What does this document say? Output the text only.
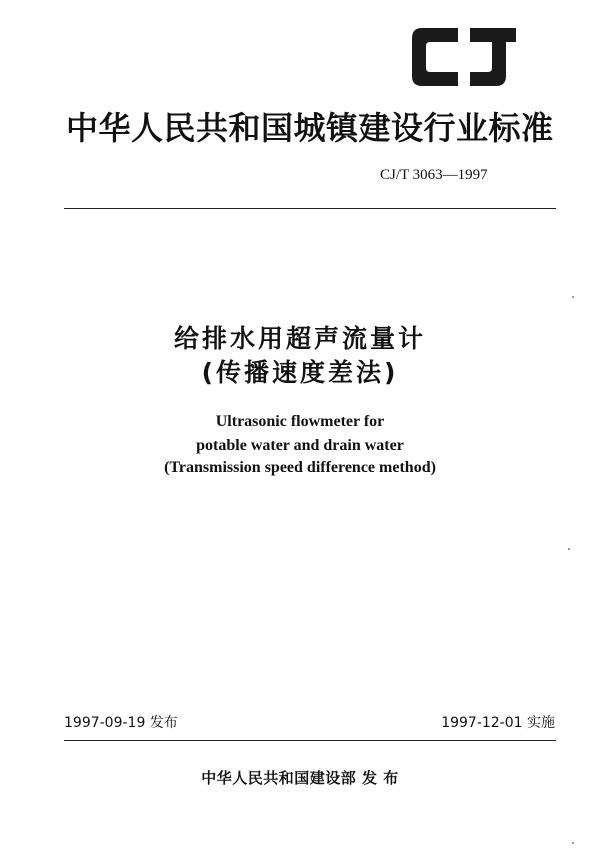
中华人民共和国城镇建设行业标准
CJ/T 3063—1997
给排水用超声流量计
(传播速度差法)
Ultrasonic flowmeter for
potable water and drain water
(Transmission speed difference method)
1997-09-19 发布	1997-12-01 实施
中华人民共和国建设部 发 布
